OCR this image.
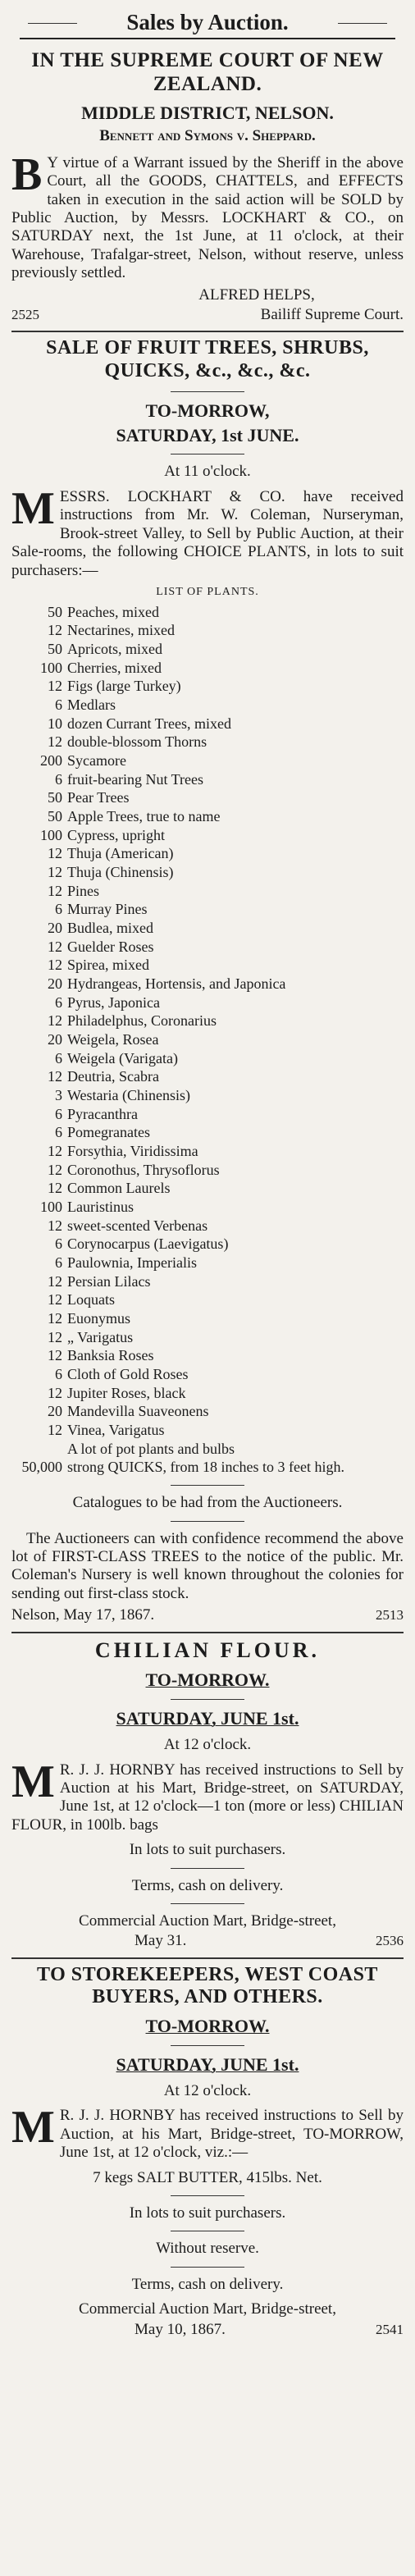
Sales by Auction.
IN THE SUPREME COURT OF NEW ZEALAND.
MIDDLE DISTRICT, NELSON.
Bennett and Symons v. Sheppard.

B Y virtue of a Warrant issued by the Sheriff in the above Court, all the GOODS, CHATTELS, and EFFECTS taken in execution in the said action will be SOLD by Public Auction, by Messrs. LOCKHART & CO., on SATURDAY next, the 1st June, at 11 o'clock, at their Warehouse, Trafalgar-street, Nelson, without reserve, unless previously settled.

ALFRED HELPS,
2525	Bailiff Supreme Court.
SALE OF FRUIT TREES, SHRUBS, QUICKS, &c., &c., &c.
TO-MORROW,
SATURDAY, 1st JUNE.
At 11 o'clock.

MESSRS. LOCKHART & CO. have received instructions from Mr. W. Coleman, Nurseryman, Brook-street Valley, to Sell by Public Auction, at their Sale-rooms, the following CHOICE PLANTS, in lots to suit purchasers:—

LIST OF PLANTS.
50 Peaches, mixed
12 Nectarines, mixed
50 Apricots, mixed
100 Cherries, mixed
12 Figs (large Turkey)
6 Medlars
10 dozen Currant Trees, mixed
12 double-blossom Thorns
200 Sycamore
6 fruit-bearing Nut Trees
50 Pear Trees
50 Apple Trees, true to name
100 Cypress, upright
12 Thuja (American)
12 Thuja (Chinensis)
12 Pines
6 Murray Pines
20 Budlea, mixed
12 Guelder Roses
12 Spirea, mixed
20 Hydrangeas, Hortensis, and Japonica
6 Pyrus, Japonica
12 Philadelphus, Coronarius
20 Weigela, Rosea
6 Weigela (Varigata)
12 Deutria, Scabra
3 Westaria (Chinensis)
6 Pyracanthra
6 Pomegranates
12 Forsythia, Viridissima
12 Coronothus, Thrysoflorus
12 Common Laurels
100 Lauristinus
12 sweet-scented Verbenas
6 Corynocarpus (Laevigatus)
6 Paulownia, Imperialis
12 Persian Lilacs
12 Loquats
12 Euonymus
12 „ Varigatus
12 Banksia Roses
6 Cloth of Gold Roses
12 Jupiter Roses, black
20 Mandevilla Suaveonens
12 Vinea, Varigatus
A lot of pot plants and bulbs
50,000 strong QUICKS, from 18 inches to 3 feet high.
Catalogues to be had from the Auctioneers.

The Auctioneers can with confidence recommend the above lot of FIRST-CLASS TREES to the notice of the public. Mr. Coleman's Nursery is well known throughout the colonies for sending out first-class stock.

Nelson, May 17, 1867.	2513
CHILIAN FLOUR.
TO-MORROW.
SATURDAY, JUNE 1st.
At 12 o'clock.

M R. J. J. HORNBY has received instructions to Sell by Auction at his Mart, Bridge-street, on SATURDAY, June 1st, at 12 o'clock—1 ton (more or less) CHILIAN FLOUR, in 100lb. bags

In lots to suit purchasers.
Terms, cash on delivery.
Commercial Auction Mart, Bridge-street,
May 31.	2536
TO STOREKEEPERS, WEST COAST BUYERS, AND OTHERS.
TO-MORROW.
SATURDAY, JUNE 1st.
At 12 o'clock.

M R. J. J. HORNBY has received instructions to Sell by Auction, at his Mart, Bridge-street, TO-MORROW, June 1st, at 12 o'clock, viz.:—

7 kegs SALT BUTTER, 415lbs. Net.
In lots to suit purchasers.
Without reserve.
Terms, cash on delivery.
Commercial Auction Mart, Bridge-street,
May 10, 1867.	2541
